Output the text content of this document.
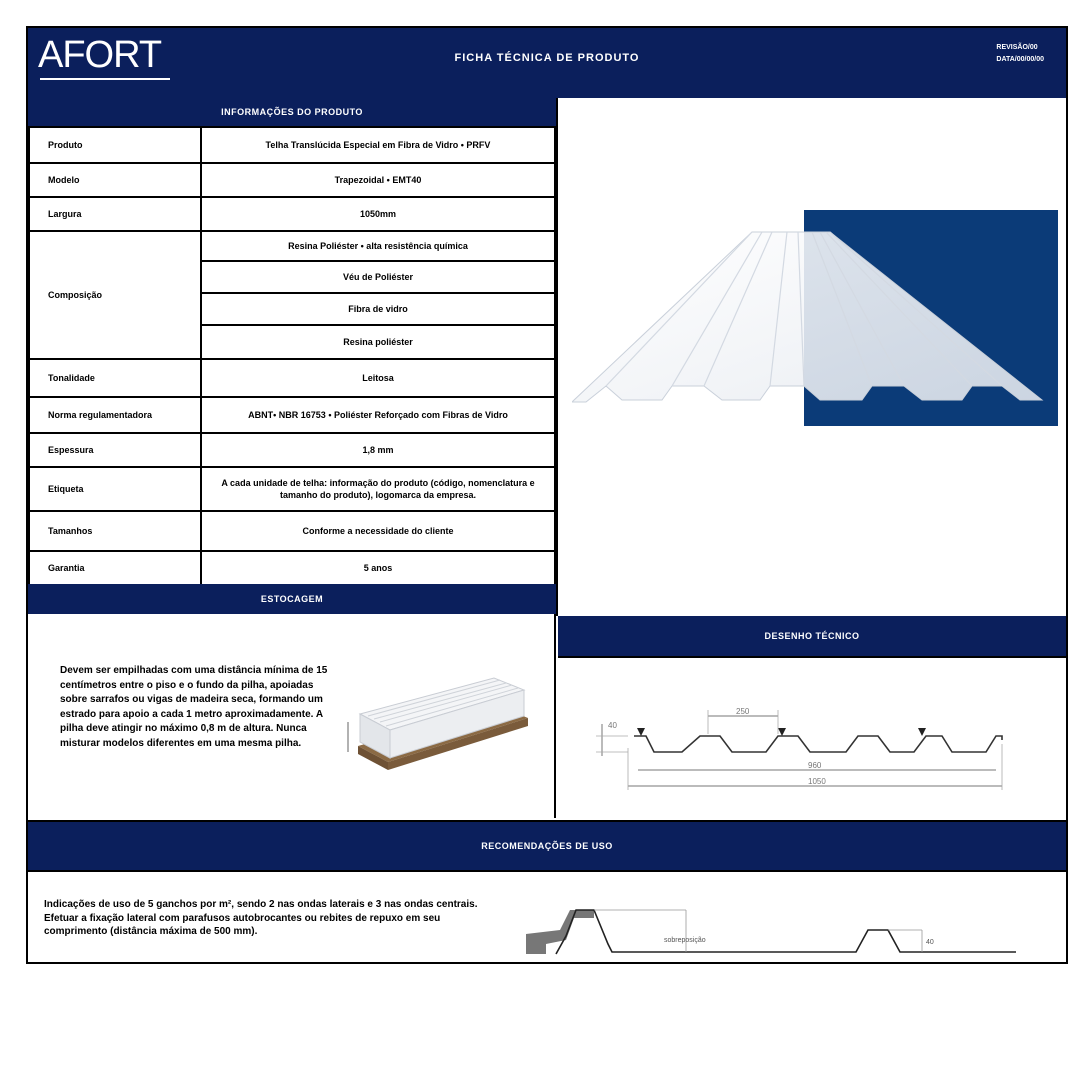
AFORT	FICHA TÉCNICA DE PRODUTO
REVISÃO/00
DATA/00/00/00
INFORMAÇÕES DO PRODUTO
Produto	Telha Translúcida Especial em Fibra de Vidro • PRFV
Modelo	Trapezoidal • EMT40
Largura	1050mm
Composição	Resina Poliéster • alta resistência química
	Véu de Poliéster
	Fibra de vidro
	Resina poliéster
Tonalidade	Leitosa
Norma regulamentadora	ABNT• NBR 16753 • Poliéster Reforçado com Fibras de Vidro
Espessura	1,8 mm
Etiqueta	A cada unidade de telha: informação do produto (código, nomenclatura e tamanho do produto), logomarca da empresa.
Tamanhos	Conforme a necessidade do cliente
Garantia	5 anos
ESTOCAGEM
Devem ser empilhadas com uma distância mínima de 15 centímetros entre o piso e o fundo da pilha, apoiadas sobre sarrafos ou vigas de madeira seca, formando um estrado para apoio a cada 1 metro aproximadamente. A pilha deve atingir no máximo 0,8 m de altura. Nunca misturar modelos diferentes em uma mesma pilha.
DESENHO TÉCNICO
40
250
960
1050
RECOMENDAÇÕES DE USO
Indicações de uso de 5 ganchos por m², sendo 2 nas ondas laterais e 3 nas ondas centrais. Efetuar a fixação lateral com parafusos autobrocantes ou rebites de repuxo em seu comprimento (distância máxima de 500 mm).
sobreposição	40
